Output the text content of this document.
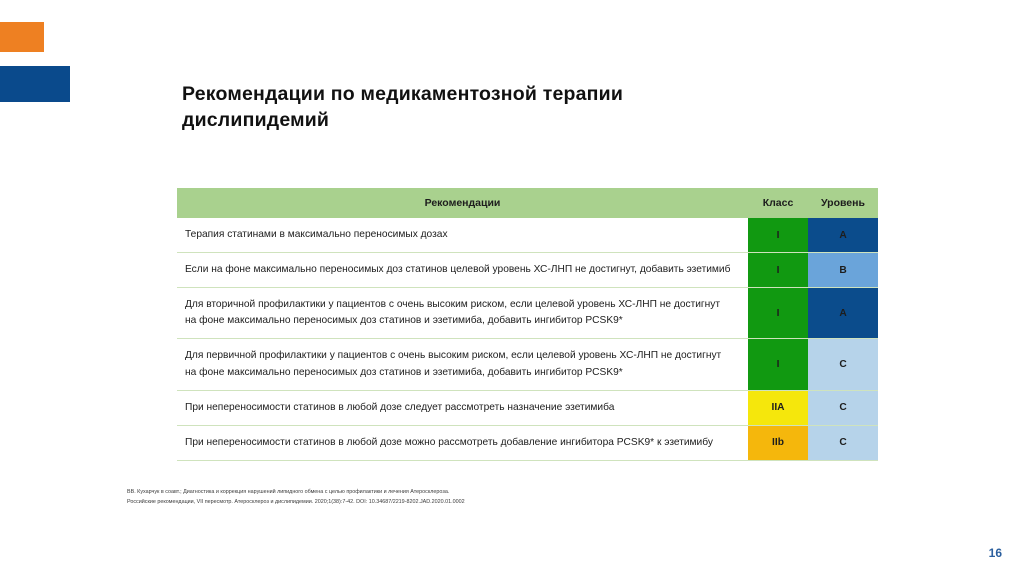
Рекомендации по медикаментозной терапии дислипидемий
Рекомендации	Класс	Уровень
Терапия статинами в максимально переносимых дозах	I	A
Если на фоне максимально переносимых доз статинов целевой уровень ХС-ЛНП не достигнут, добавить эзетимиб	I	B
Для вторичной профилактики у пациентов с очень высоким риском, если целевой уровень ХС-ЛНП не достигнут на фоне максимально переносимых доз статинов и эзетимиба, добавить ингибитор PCSK9*	I	A
Для первичной профилактики у пациентов с очень высоким риском, если целевой уровень ХС-ЛНП не достигнут на фоне максимально переносимых доз статинов и эзетимиба, добавить ингибитор PCSK9*	I	C
При непереносимости статинов в любой дозе следует рассмотреть назначение эзетимиба	IIA	C
При непереносимости статинов в любой дозе можно рассмотреть добавление ингибитора PCSK9* к эзетимибу	IIb	C
ВВ. Кухарчук в соавт.; Диагностика и коррекция нарушений липидного обмена с целью профилактики и лечения Атеросклероза.
Российские рекомендации, VII пересмотр. Атеросклероз и дислипидемии. 2020;1(38):7-42. DOI: 10.34687/2219-8202.JAD.2020.01.0002
16
